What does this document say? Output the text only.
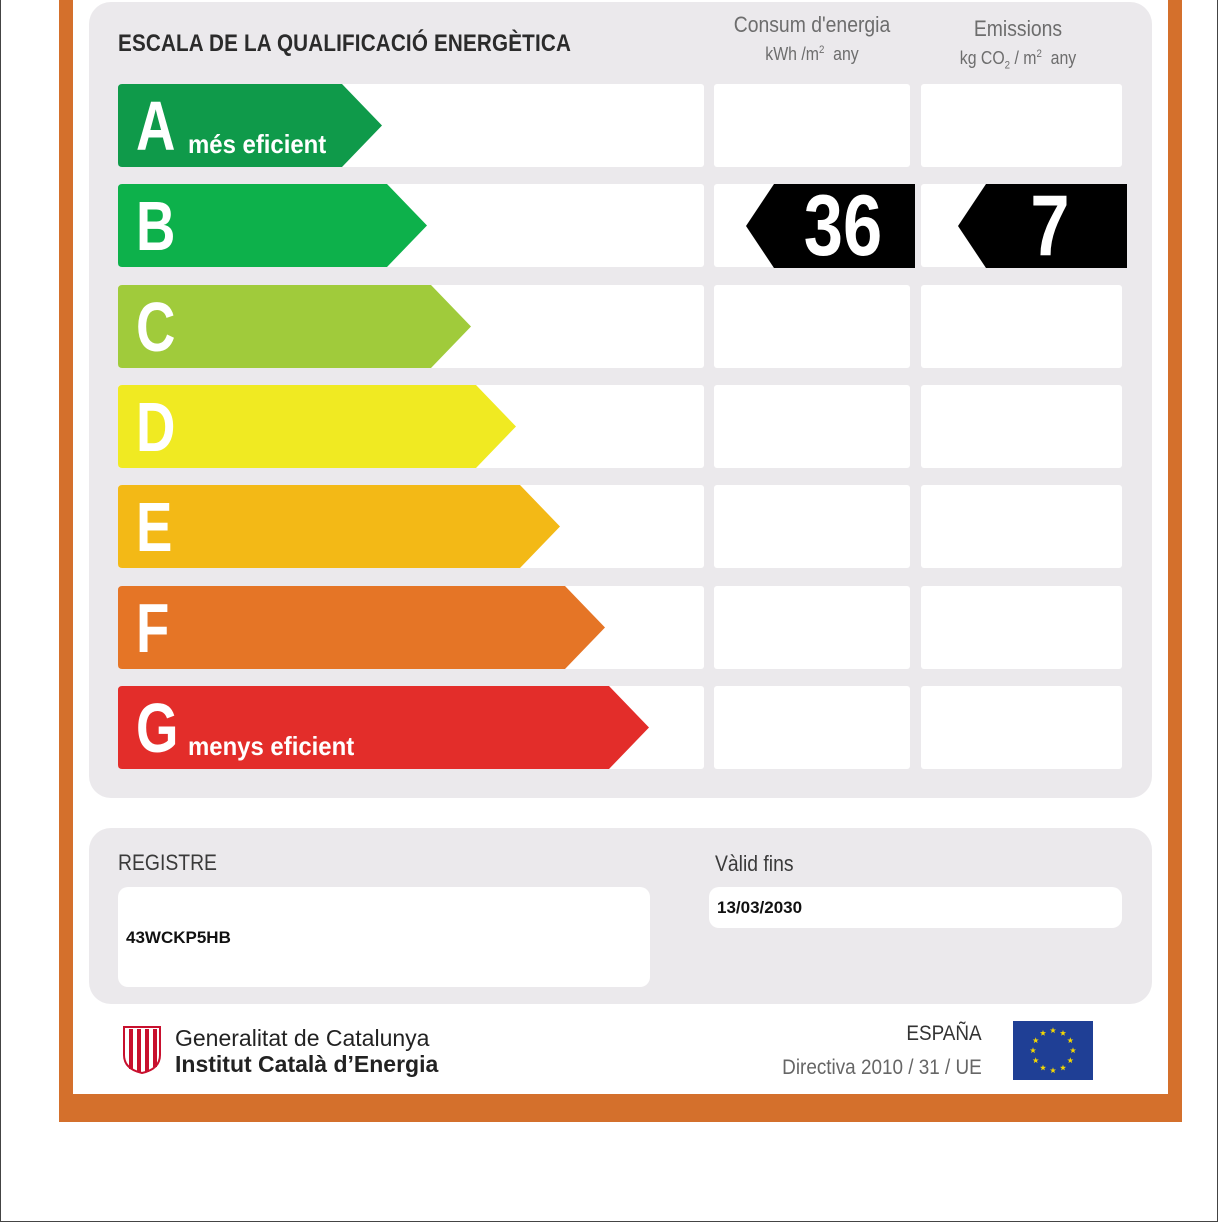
ESCALA DE LA QUALIFICACIÓ ENERGÈTICA
Consum d'energia
kWh $/m^2$ any
Emissions
kg $CO_2 / m^2$ any
A més eficient
B
C
D
E
F
G menys eficient
36	7
REGISTRE
43WCKP5HB
Vàlid fins
13/03/2030
Generalitat de Catalunya
Institut Català d’Energia
ESPAÑA
Directiva 2010 / 31 / UE
